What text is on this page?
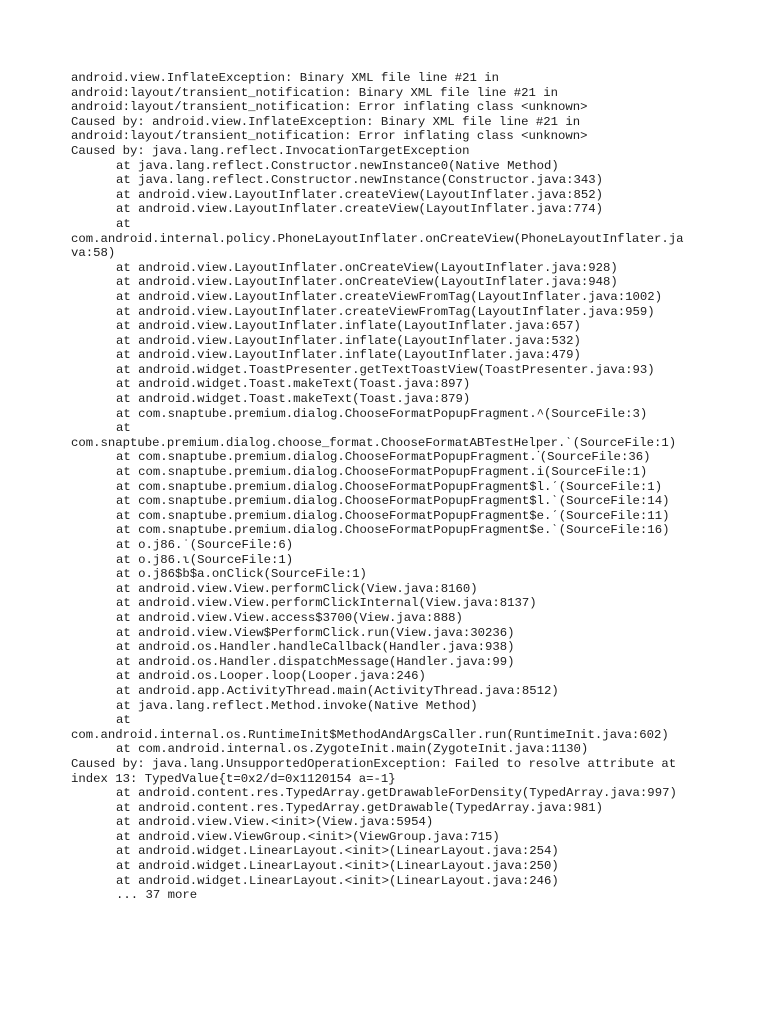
android.view.InflateException: Binary XML file line #21 in
android:layout/transient_notification: Binary XML file line #21 in
android:layout/transient_notification: Error inflating class <unknown>
Caused by: android.view.InflateException: Binary XML file line #21 in
android:layout/transient_notification: Error inflating class <unknown>
Caused by: java.lang.reflect.InvocationTargetException
at java.lang.reflect.Constructor.newInstance0(Native Method)
at java.lang.reflect.Constructor.newInstance(Constructor.java:343)
at android.view.LayoutInflater.createView(LayoutInflater.java:852)
at android.view.LayoutInflater.createView(LayoutInflater.java:774)
at
com.android.internal.policy.PhoneLayoutInflater.onCreateView(PhoneLayoutInflater.ja
va:58)
at android.view.LayoutInflater.onCreateView(LayoutInflater.java:928)
at android.view.LayoutInflater.onCreateView(LayoutInflater.java:948)
at android.view.LayoutInflater.createViewFromTag(LayoutInflater.java:1002)
at android.view.LayoutInflater.createViewFromTag(LayoutInflater.java:959)
at android.view.LayoutInflater.inflate(LayoutInflater.java:657)
at android.view.LayoutInflater.inflate(LayoutInflater.java:532)
at android.view.LayoutInflater.inflate(LayoutInflater.java:479)
at android.widget.ToastPresenter.getTextToastView(ToastPresenter.java:93)
at android.widget.Toast.makeText(Toast.java:897)
at android.widget.Toast.makeText(Toast.java:879)
at com.snaptube.premium.dialog.ChooseFormatPopupFragment.^(SourceFile:3)
at
com.snaptube.premium.dialog.choose_format.ChooseFormatABTestHelper.ˋ(SourceFile:1)
at com.snaptube.premium.dialog.ChooseFormatPopupFragment.ᐝ(SourceFile:36)
at com.snaptube.premium.dialog.ChooseFormatPopupFragment.i(SourceFile:1)
at com.snaptube.premium.dialog.ChooseFormatPopupFragment$l.ˊ(SourceFile:1)
at com.snaptube.premium.dialog.ChooseFormatPopupFragment$l.ˋ(SourceFile:14)
at com.snaptube.premium.dialog.ChooseFormatPopupFragment$e.ˊ(SourceFile:11)
at com.snaptube.premium.dialog.ChooseFormatPopupFragment$e.ˋ(SourceFile:16)
at o.j86.ˈ(SourceFile:6)
at o.j86.ι(SourceFile:1)
at o.j86$b$a.onClick(SourceFile:1)
at android.view.View.performClick(View.java:8160)
at android.view.View.performClickInternal(View.java:8137)
at android.view.View.access$3700(View.java:888)
at android.view.View$PerformClick.run(View.java:30236)
at android.os.Handler.handleCallback(Handler.java:938)
at android.os.Handler.dispatchMessage(Handler.java:99)
at android.os.Looper.loop(Looper.java:246)
at android.app.ActivityThread.main(ActivityThread.java:8512)
at java.lang.reflect.Method.invoke(Native Method)
at
com.android.internal.os.RuntimeInit$MethodAndArgsCaller.run(RuntimeInit.java:602)
at com.android.internal.os.ZygoteInit.main(ZygoteInit.java:1130)
Caused by: java.lang.UnsupportedOperationException: Failed to resolve attribute at
index 13: TypedValue{t=0x2/d=0x1120154 a=-1}
at android.content.res.TypedArray.getDrawableForDensity(TypedArray.java:997)
at android.content.res.TypedArray.getDrawable(TypedArray.java:981)
at android.view.View.<init>(View.java:5954)
at android.view.ViewGroup.<init>(ViewGroup.java:715)
at android.widget.LinearLayout.<init>(LinearLayout.java:254)
at android.widget.LinearLayout.<init>(LinearLayout.java:250)
at android.widget.LinearLayout.<init>(LinearLayout.java:246)
... 37 more
